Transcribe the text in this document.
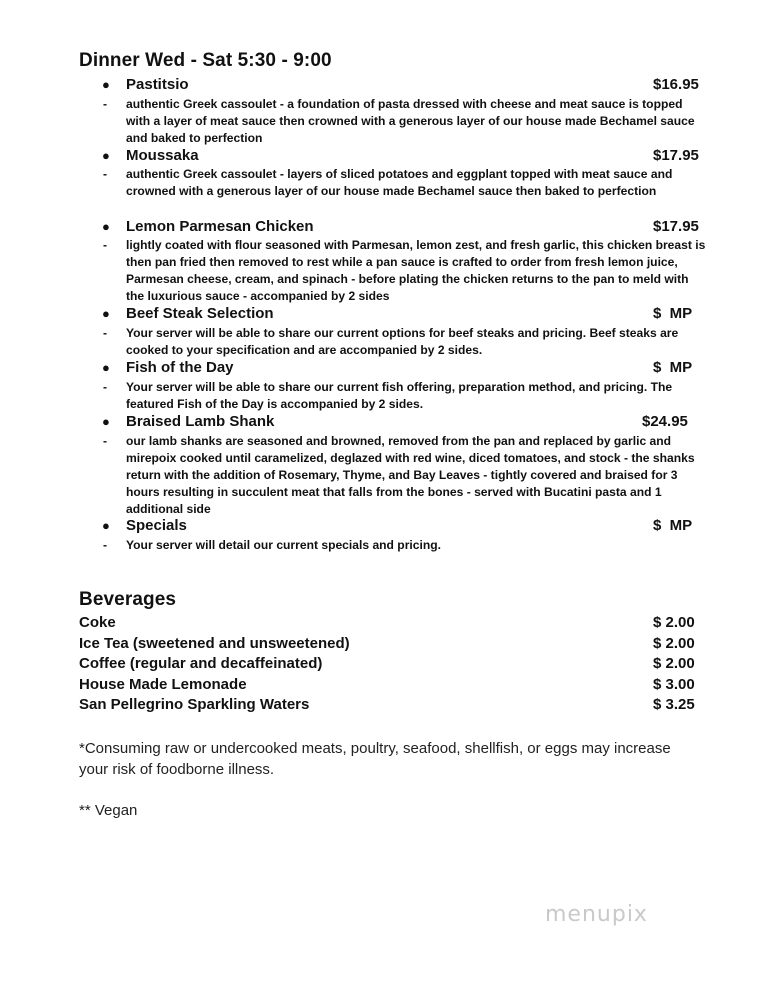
Dinner Wed - Sat 5:30 - 9:00
● Pastitsio	$16.95
- authentic Greek cassoulet - a foundation of pasta dressed with cheese and meat sauce is topped with a layer of meat sauce then crowned with a generous layer of our house made Bechamel sauce and baked to perfection
● Moussaka	$17.95
- authentic Greek cassoulet - layers of sliced potatoes and eggplant topped with meat sauce and crowned with a generous layer of our house made Bechamel sauce then baked to perfection
● Lemon Parmesan Chicken	$17.95
- lightly coated with flour seasoned with Parmesan, lemon zest, and fresh garlic, this chicken breast is then pan fried then removed to rest while a pan sauce is crafted to order from fresh lemon juice, Parmesan cheese, cream, and spinach - before plating the chicken returns to the pan to meld with the luxurious sauce - accompanied by 2 sides
● Beef Steak Selection	$  MP
- Your server will be able to share our current options for beef steaks and pricing. Beef steaks are cooked to your specification and are accompanied by 2 sides.
● Fish of the Day	$  MP
- Your server will be able to share our current fish offering, preparation method, and pricing. The featured Fish of the Day is accompanied by 2 sides.
● Braised Lamb Shank	$24.95
- our lamb shanks are seasoned and browned, removed from the pan and replaced by garlic and mirepoix cooked until caramelized, deglazed with red wine, diced tomatoes, and stock - the shanks return with the addition of Rosemary, Thyme, and Bay Leaves - tightly covered and braised for 3 hours resulting in succulent meat that falls from the bones - served with Bucatini pasta and 1 additional side
● Specials	$  MP
- Your server will detail our current specials and pricing.
Beverages
Coke	$ 2.00
Ice Tea (sweetened and unsweetened)	$ 2.00
Coffee (regular and decaffeinated)	$ 2.00
House Made Lemonade	$ 3.00
San Pellegrino Sparkling Waters	$ 3.25
*Consuming raw or undercooked meats, poultry, seafood, shellfish, or eggs may increase your risk of foodborne illness.
** Vegan
menupix
